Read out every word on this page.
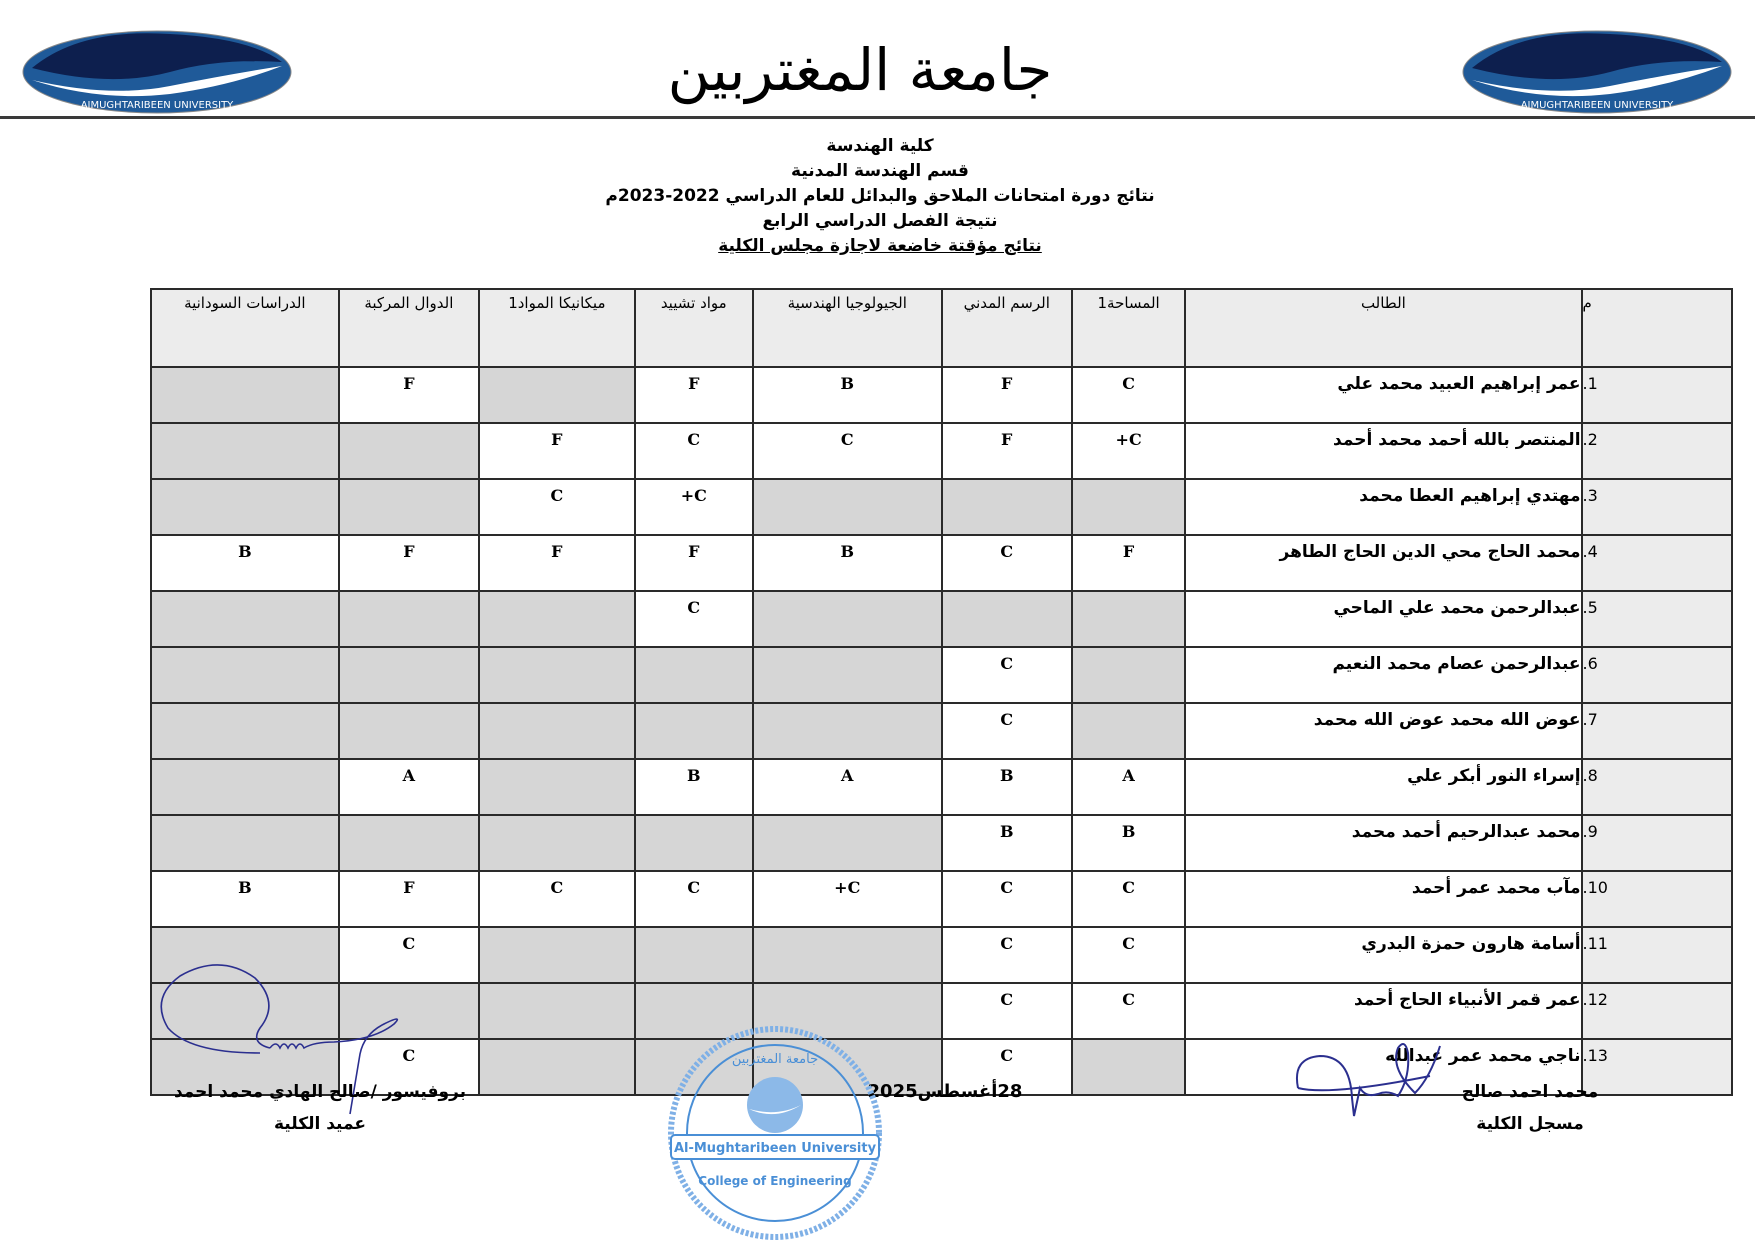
AIMUGHTARIBEEN UNIVERSITY	AIMUGHTARIBEEN UNIVERSITY
جامعة المغتربين
كلية الهندسة
قسم الهندسة المدنية
نتائج دورة امتحانات الملاحق والبدائل للعام الدراسي 2022-2023م
نتيجة الفصل الدراسي الرابع
نتائج مؤقتة خاضعة لاجازة مجلس الكلية
م	الطالب	المساحة1	الرسم المدني	الجيولوجيا الهندسية	مواد تشييد	ميكانيكا المواد1	الدوال المركبة	الدراسات السودانية
1.	عمر إبراهيم العبيد محمد علي	C	F	B	F		F	
2.	المنتصر بالله أحمد محمد أحمد	C+	F	C	C	F		
3.	مهتدي إبراهيم العطا محمد				C+	C		
4.	محمد الحاج محي الدين الحاج الطاهر	F	C	B	F	F	F	B
5.	عبدالرحمن محمد علي الماحي				C			
6.	عبدالرحمن عصام محمد النعيم		C					
7.	عوض الله محمد عوض الله محمد		C					
8.	إسراء النور أبكر علي	A	B	A	B		A	
9.	محمد عبدالرحيم أحمد محمد	B	B					
10.	مآب محمد عمر أحمد	C	C	C+	C	C	F	B
11.	أسامة هارون حمزة البدري	C	C				C	
12.	عمر قمر الأنبياء الحاج أحمد	C	C					
13.	ناجي محمد عمر عبدالله		C				C	
بروفيسور /صالح الهادي محمد احمد
عميد الكلية
28أغسطس2025
Al-Mughtaribeen University
College of Engineering
جامعة المغتربين
محمد احمد صالح
مسجل الكلية
